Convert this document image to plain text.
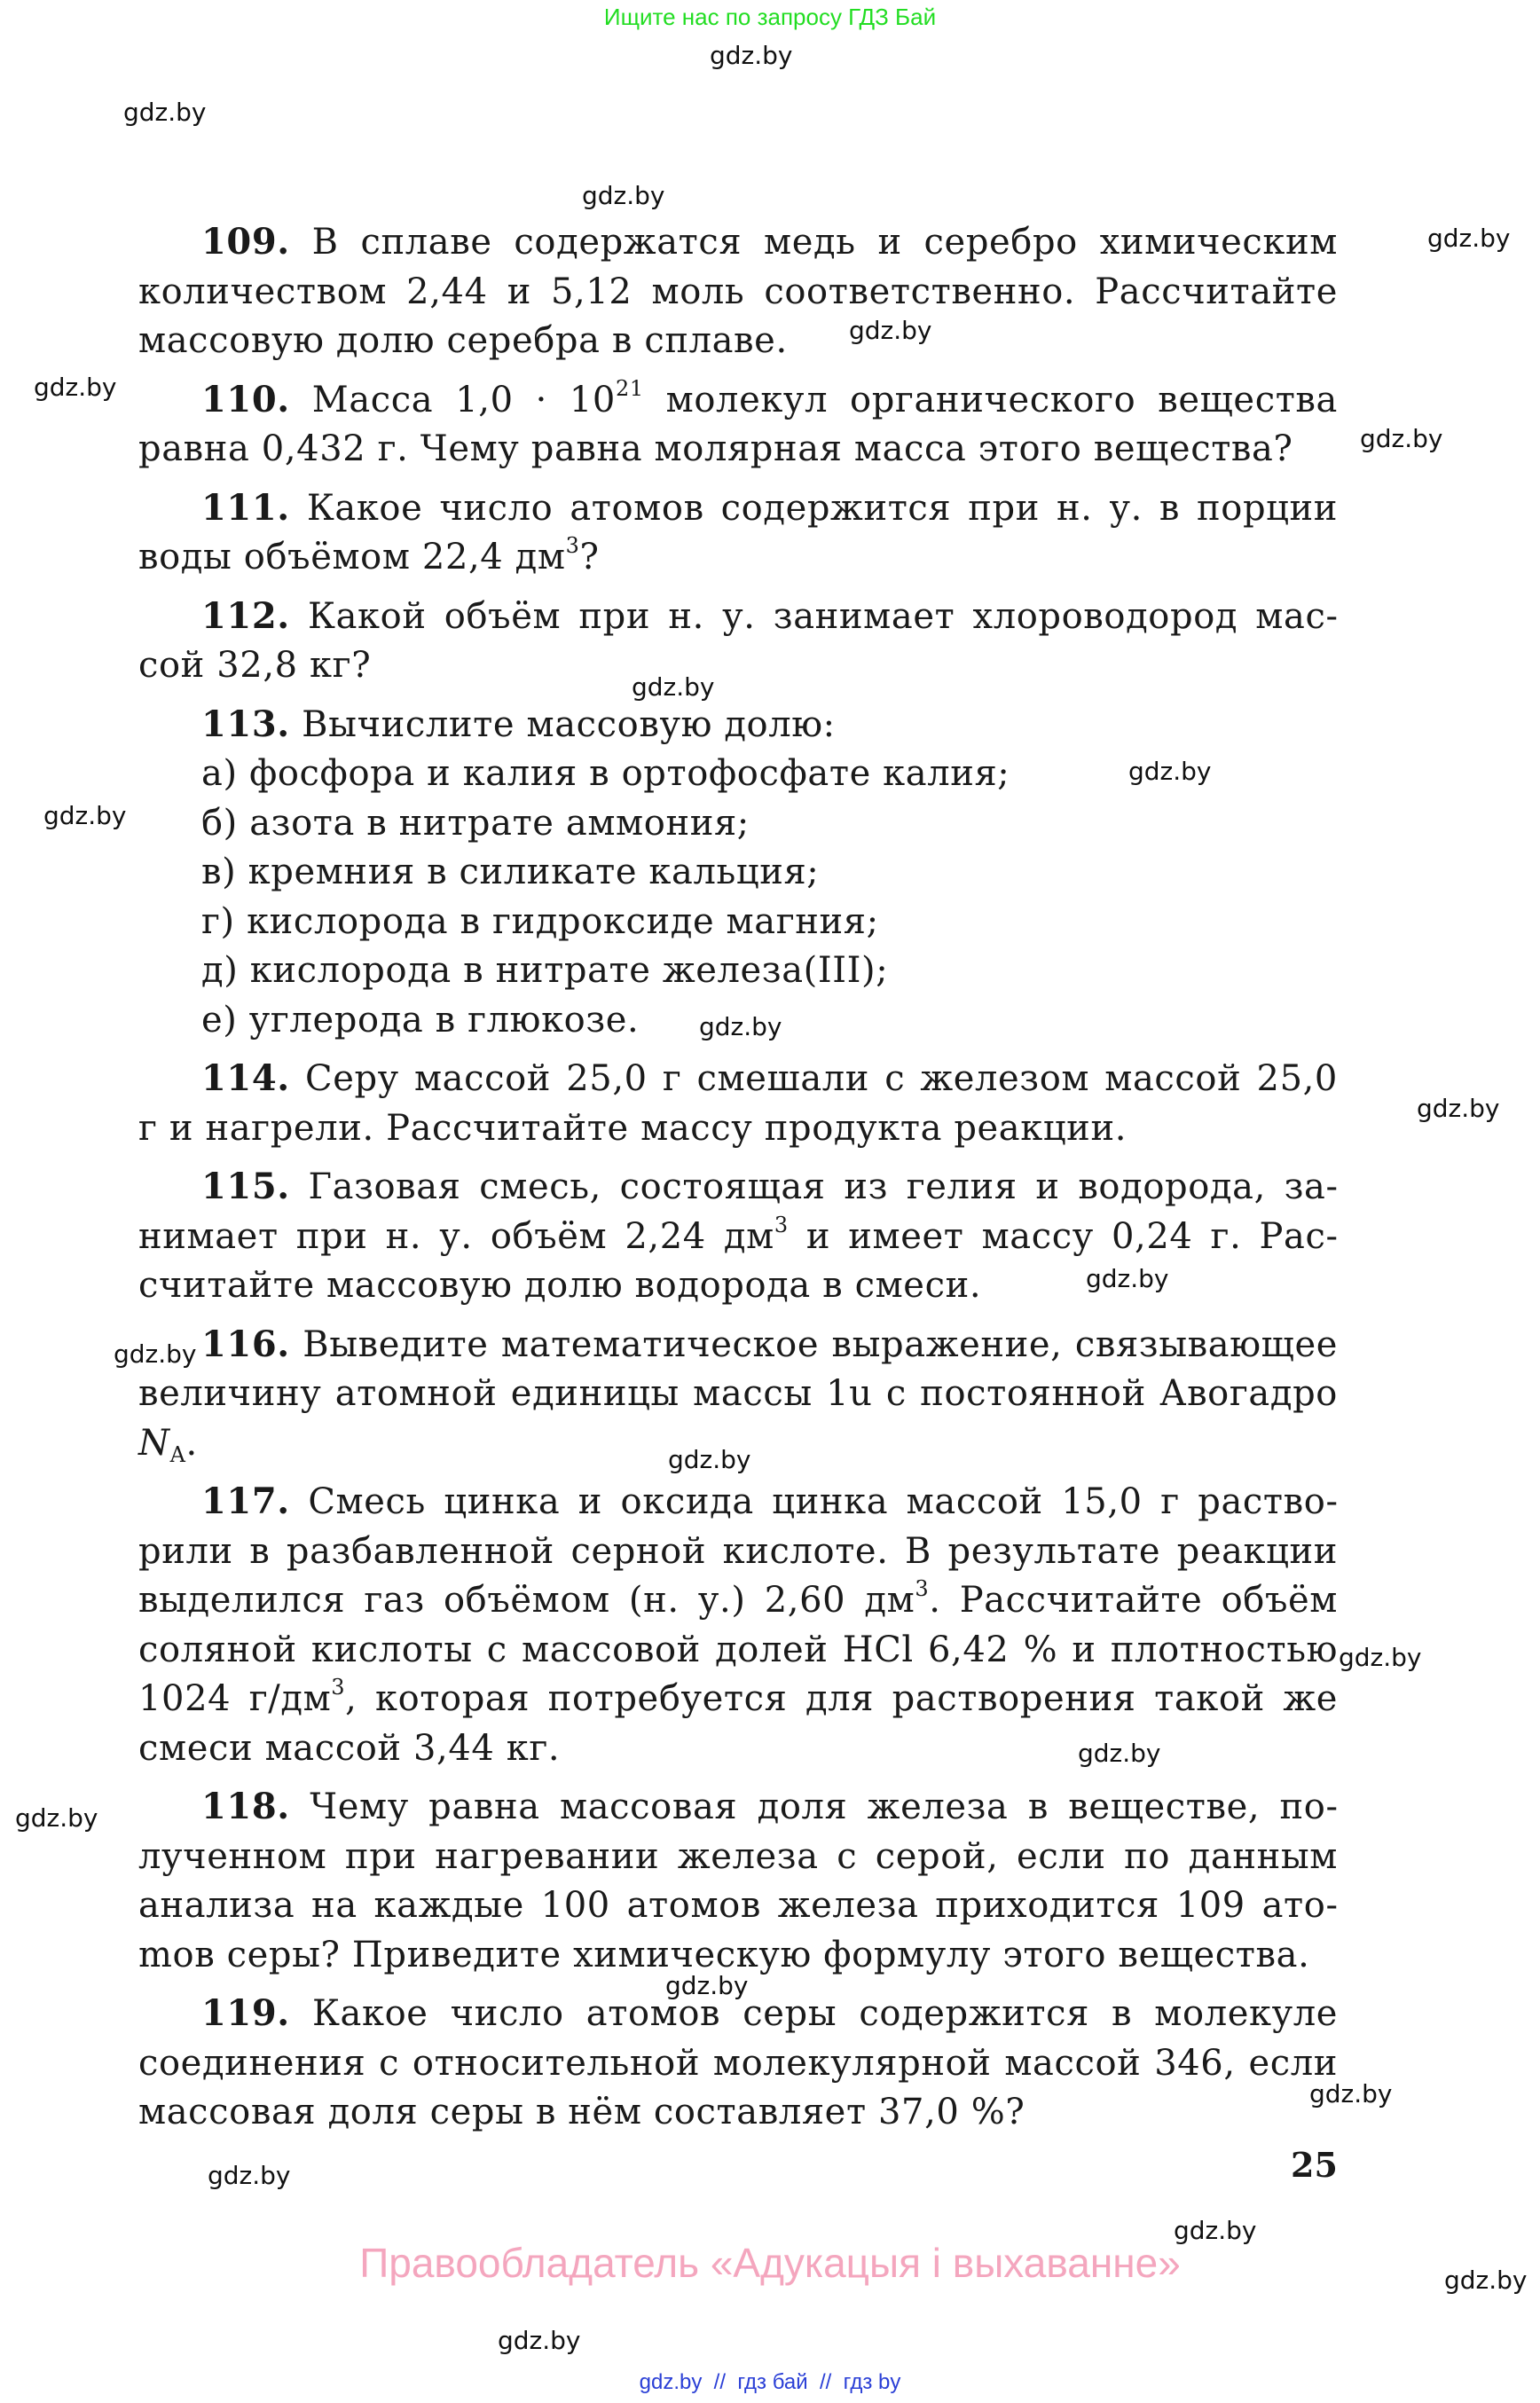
Ищите нас по запросу ГДЗ Бай
gdz.by
gdz.by
gdz.by
gdz.by
gdz.by
gdz.by
gdz.by
gdz.by
gdz.by
gdz.by
gdz.by
gdz.by
gdz.by
gdz.by
gdz.by
gdz.by
gdz.by
gdz.by
gdz.by
gdz.by
gdz.by
gdz.by
gdz.by
gdz.by

109. В сплаве содержатся медь и серебро химическим количеством 2,44 и 5,12 моль соответственно. Рассчитайте массовую долю серебра в сплаве.

110. Масса $1,0 \cdot 10^{21}$ молекул органического вещества равна 0,432 г. Чему равна молярная масса этого вещества?

111. Какое число атомов содержится при н. у. в порции воды объёмом 22,4 $дм^3$?

112. Какой объём при н. у. занимает хлороводород массой 32,8 кг?

113. Вычислите массовую долю:

а) фосфора и калия в ортофосфате калия;

б) азота в нитрате аммония;

в) кремния в силикате кальция;

г) кислорода в гидроксиде магния;

д) кислорода в нитрате железа(III);

е) углерода в глюкозе.

114. Серу массой 25,0 г смешали с железом массой 25,0 г и нагрели. Рассчитайте массу продукта реакции.

115. Газовая смесь, состоящая из гелия и водорода, занимает при н. у. объём 2,24 $дм^3$ и имеет массу 0,24 г. Рассчитайте массовую долю водорода в смеси.

116. Выведите математическое выражение, связывающее величину атомной единицы массы 1u с постоянной Авогадро $N_A$.

117. Смесь цинка и оксида цинка массой 15,0 г растворили в разбавленной серной кислоте. В результате реакции выделился газ объёмом (н. у.) 2,60 $дм^3$. Рассчитайте объём соляной кислоты с массовой долей HCl 6,42 % и плотностью 1024 $г/дм^3$, которая потребуется для растворения такой же смеси массой 3,44 кг.

118. Чему равна массовая доля железа в веществе, полученном при нагревании железа с серой, если по данным анализа на каждые 100 атомов железа приходится 109 атоmов серы? Приведите химическую формулу этого вещества.

119. Какое число атомов серы содержится в молекуле соединения с относительной молекулярной массой 346, если массовая доля серы в нём составляет 37,0 %?

25
Правообладатель «Адукацыя і выхаванне»
gdz.by  //  гдз бай  //  гдз by
